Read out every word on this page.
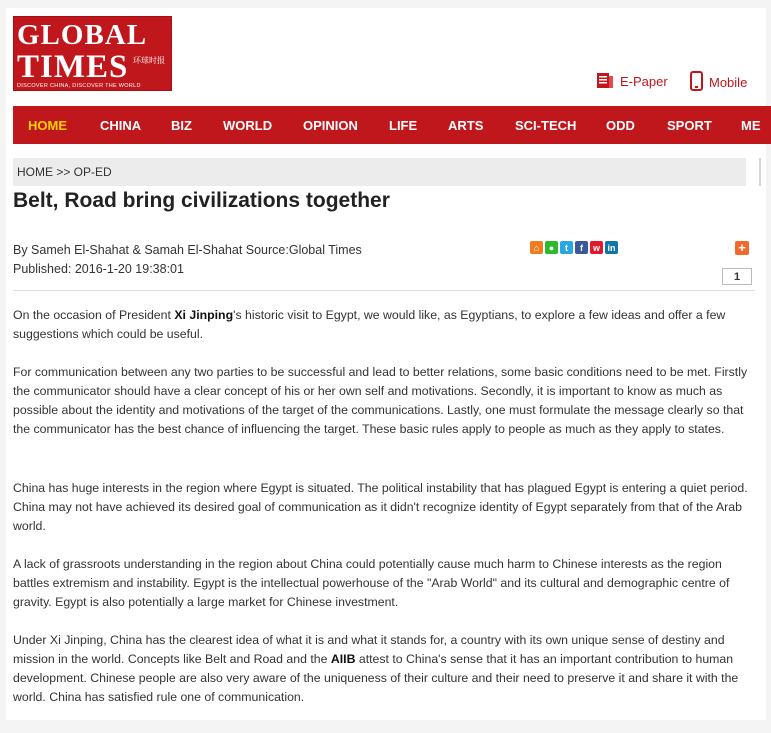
GLOBAL
TIMES 环球时报
DISCOVER CHINA, DISCOVER THE WORLD	E-Paper	Mobile
HOME	CHINA BIZ WORLD OPINION LIFE ARTS SCI-TECH ODD SPORT ME
HOME >> OP-ED
Belt, Road bring civilizations together
By Sameh El-Shahat & Samah El-Shahat Source:Global Times
Published: 2016-1-20 19:38:01
⌂	●	t	f	w in	+
1

On the occasion of President Xi Jinping's historic visit to Egypt, we would like, as Egyptians, to explore a few ideas and offer a few suggestions which could be useful.

For communication between any two parties to be successful and lead to better relations, some basic conditions need to be met. Firstly the communicator should have a clear concept of his or her own self and motivations. Secondly, it is important to know as much as possible about the identity and motivations of the target of the communications. Lastly, one must formulate the message clearly so that the communicator has the best chance of influencing the target. These basic rules apply to people as much as they apply to states.

China has huge interests in the region where Egypt is situated. The political instability that has plagued Egypt is entering a quiet period. China may not have achieved its desired goal of communication as it didn't recognize identity of Egypt separately from that of the Arab world.

A lack of grassroots understanding in the region about China could potentially cause much harm to Chinese interests as the region battles extremism and instability. Egypt is the intellectual powerhouse of the "Arab World" and its cultural and demographic centre of gravity. Egypt is also potentially a large market for Chinese investment.

Under Xi Jinping, China has the clearest idea of what it is and what it stands for, a country with its own unique sense of destiny and mission in the world. Concepts like Belt and Road and the AIIB attest to China's sense that it has an important contribution to human development. Chinese people are also very aware of the uniqueness of their culture and their need to preserve it and share it with the world. China has satisfied rule one of communication.
